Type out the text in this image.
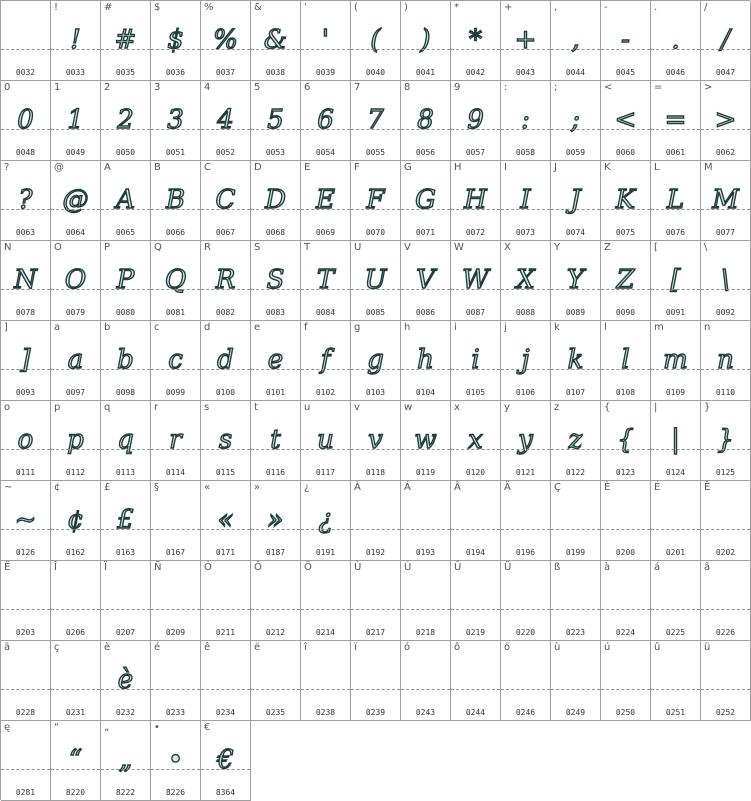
0032
!
!
0033
#
#
0035
$
$
0036
%
%
0037
&
&
0038
'
'
0039
(
(
0040
)
)
0041
*
*
0042
+
+
0043
,
,
0044
-
-
0045
.
.
0046
/
/
0047
0
0
0048
1
1
0049
2
2
0050
3
3
0051
4
4
0052
5
5
0053
6
6
0054
7
7
0055
8
8
0056
9
9
0057
:
:
0058
;
;
0059
<
<
0060
=
=
0061
>
>
0062
?
?
0063
@
@
0064
A
A
0065
B
B
0066
C
C
0067
D
D
0068
E
E
0069
F
F
0070
G
G
0071
H
H
0072
I
I
0073
J
J
0074
K
K
0075
L
L
0076
M
M
0077
N
N
0078
O
O
0079
P
P
0080
Q
Q
0081
R
R
0082
S
S
0083
T
T
0084
U
U
0085
V
V
0086
W
W
0087
X
X
0088
Y
Y
0089
Z
Z
0090
[
[
0091
\
\
0092
]
]
0093
a
a
0097
b
b
0098
c
c
0099
d
d
0100
e
e
0101
f
f
0102
g
g
0103
h
h
0104
i
i
0105
j
j
0106
k
k
0107
l
l
0108
m
m
0109
n
n
0110
o
o
0111
p
p
0112
q
q
0113
r
r
0114
s
s
0115
t
t
0116
u
u
0117
v
v
0118
w
w
0119
x
x
0120
y
y
0121
z
z
0122
{
{
0123
|
|
0124
}
}
0125
~
~
0126
¢
¢
0162
£
£
0163
§
0167
«
«
0171
»
»
0187
¿
¿
0191
À
0192
Á
0193
Â
0194
Ä
0196
Ç
0199
È
0200
É
0201
Ê
0202
Ë
0203
Î
0206
Ï
0207
Ñ
0209
Ó
0211
Ô
0212
Ö
0214
Ù
0217
Ú
0218
Û
0219
Ü
0220
ß
0223
à
0224
á
0225
â
0226
ä
0228
ç
0231
è
è
0232
é
0233
ê
0234
ë
0235
î
0238
ï
0239
ó
0243
ô
0244
ö
0246
ù
0249
ú
0250
û
0251
ü
0252
ę
0281
“
“
8220
„
„
8222
•
•
8226
€
€
8364
